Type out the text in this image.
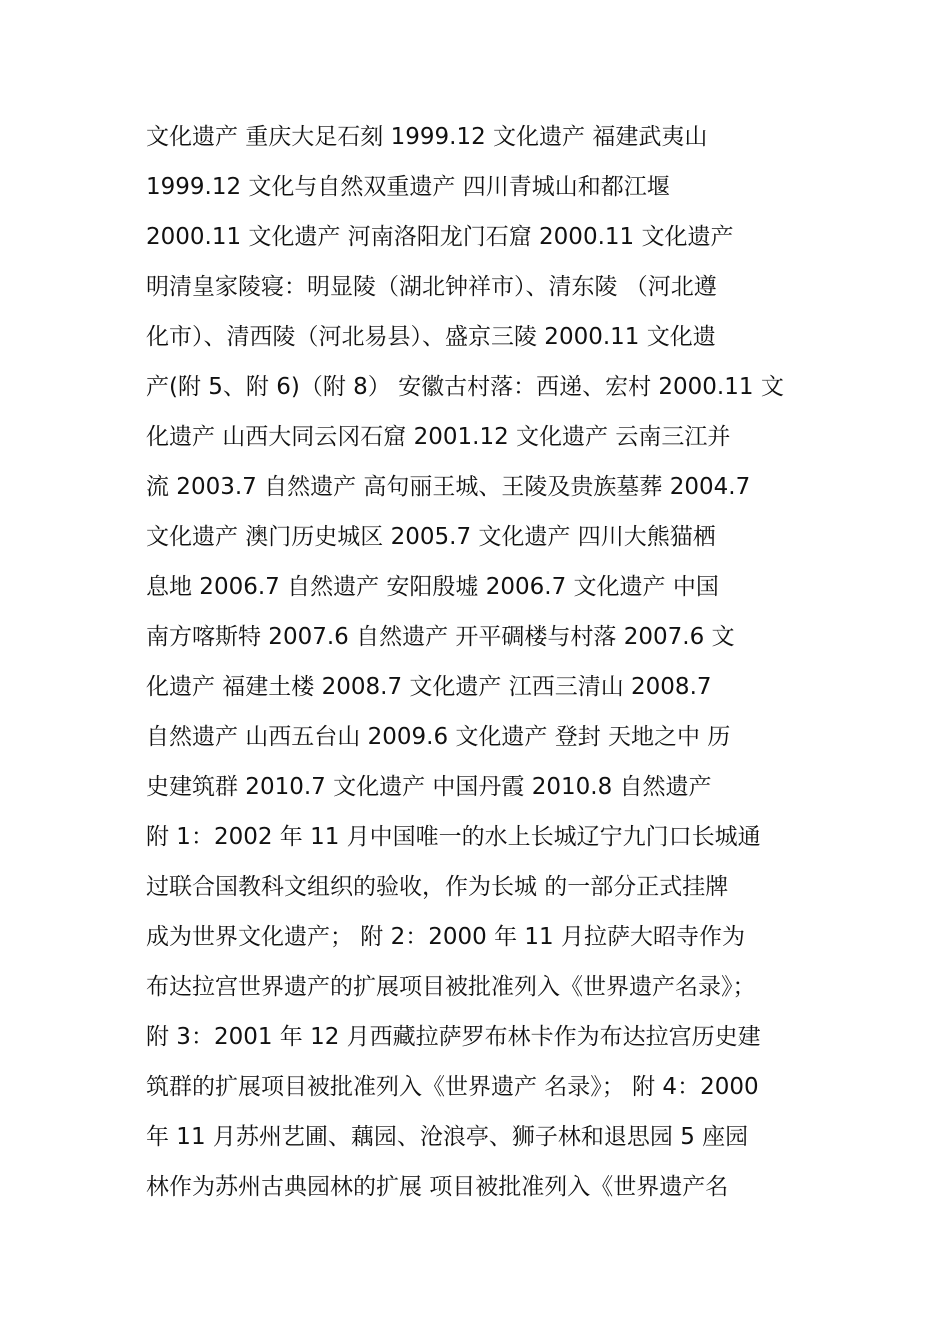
文化遗产 重庆大足石刻 1999.12 文化遗产 福建武夷山
1999.12 文化与自然双重遗产 四川青城山和都江堰
2000.11 文化遗产 河南洛阳龙门石窟 2000.11 文化遗产
明清皇家陵寝：明显陵（湖北钟祥市）、清东陵 （河北遵
化市）、清西陵（河北易县）、盛京三陵 2000.11 文化遗
产(附 5、附 6)（附 8） 安徽古村落：西递、宏村 2000.11 文
化遗产 山西大同云冈石窟 2001.12 文化遗产 云南三江并
流 2003.7 自然遗产 高句丽王城、王陵及贵族墓葬 2004.7
文化遗产 澳门历史城区 2005.7 文化遗产 四川大熊猫栖
息地 2006.7 自然遗产 安阳殷墟 2006.7 文化遗产 中国
南方喀斯特 2007.6 自然遗产 开平碉楼与村落 2007.6 文
化遗产 福建土楼 2008.7 文化遗产 江西三清山 2008.7
自然遗产 山西五台山 2009.6 文化遗产 登封 天地之中 历
史建筑群 2010.7 文化遗产 中国丹霞 2010.8 自然遗产
附 1：2002 年 11 月中国唯一的水上长城辽宁九门口长城通
过联合国教科文组织的验收，作为长城 的一部分正式挂牌
成为世界文化遗产； 附 2：2000 年 11 月拉萨大昭寺作为
布达拉宫世界遗产的扩展项目被批准列入《世界遗产名录》；
附 3：2001 年 12 月西藏拉萨罗布林卡作为布达拉宫历史建
筑群的扩展项目被批准列入《世界遗产 名录》； 附 4：2000
年 11 月苏州艺圃、藕园、沧浪亭、狮子林和退思园 5 座园
林作为苏州古典园林的扩展 项目被批准列入《世界遗产名
